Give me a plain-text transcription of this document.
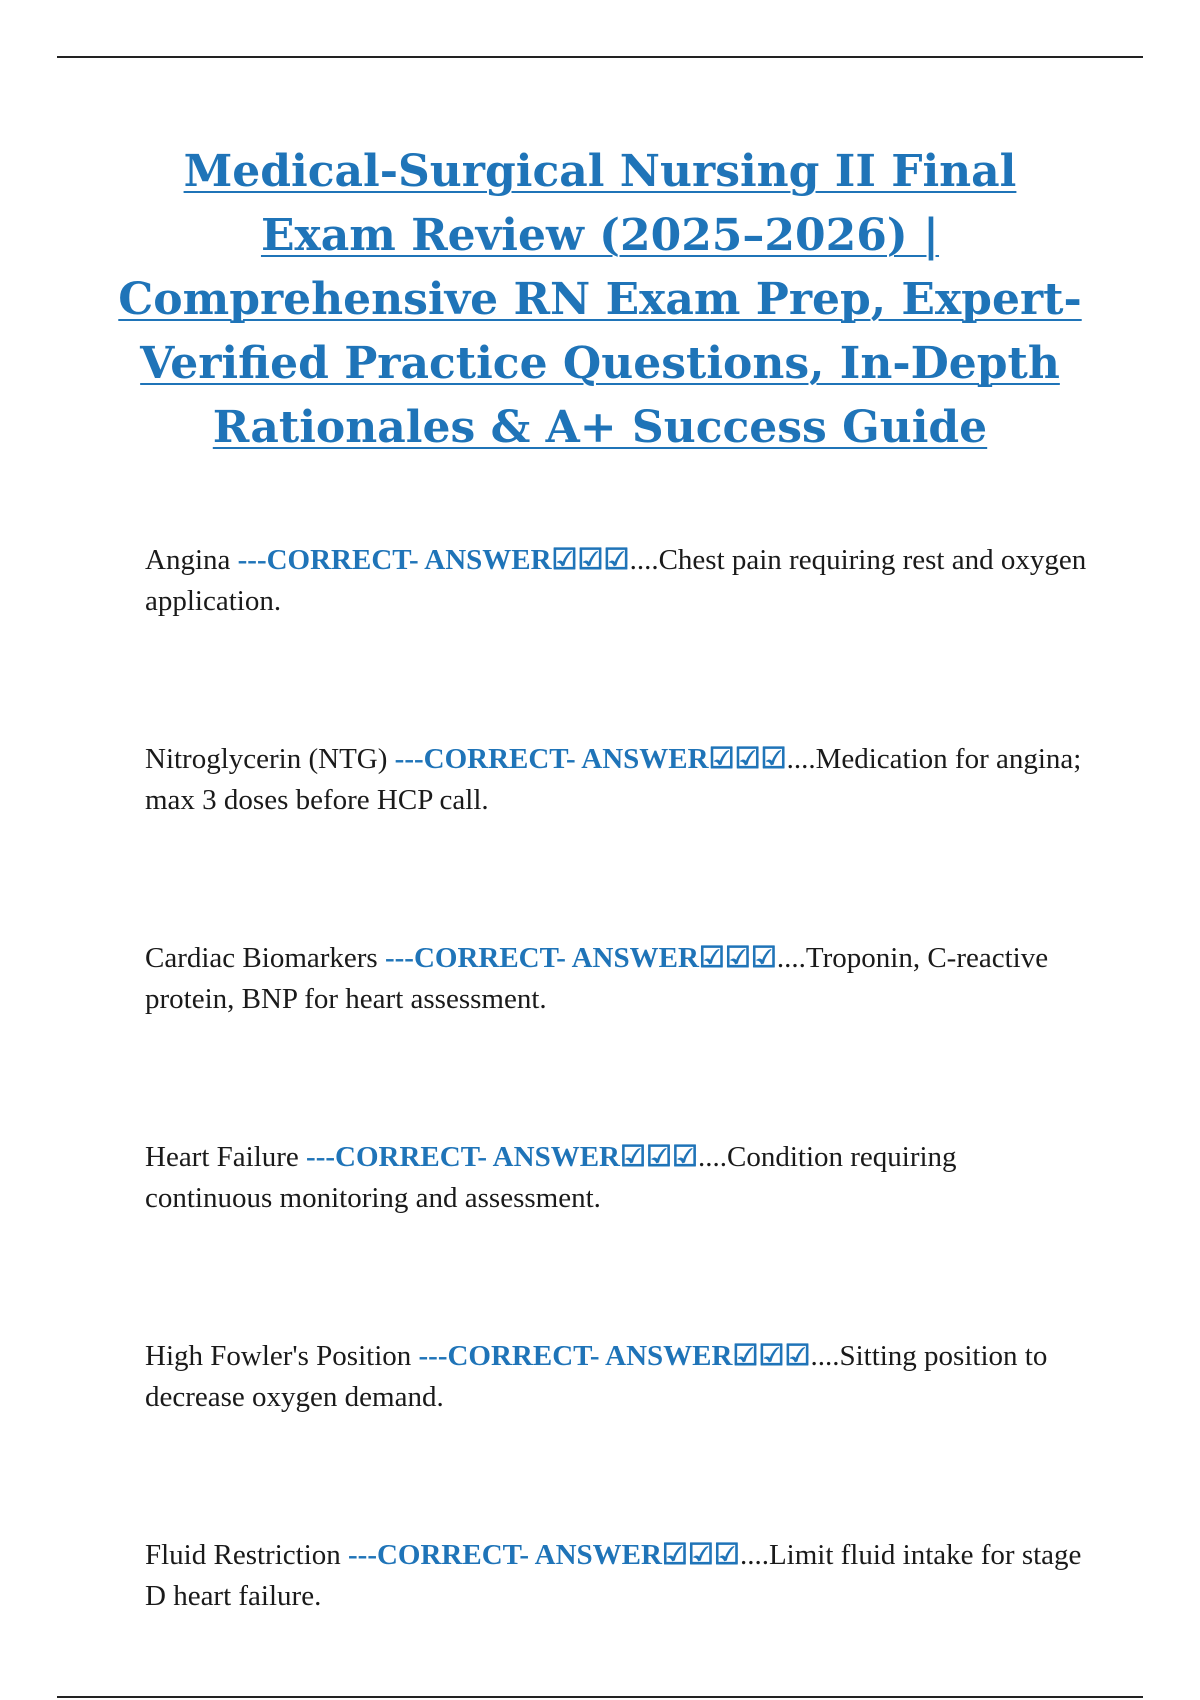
Medical-Surgical Nursing II Final Exam Review (2025–2026) | Comprehensive RN Exam Prep, Expert-Verified Practice Questions, In-Depth Rationales & A+ Success Guide

Angina ---CORRECT- ANSWER☑☑☑....Chest pain requiring rest and oxygen application.

Nitroglycerin (NTG) ---CORRECT- ANSWER☑☑☑....Medication for angina; max 3 doses before HCP call.

Cardiac Biomarkers ---CORRECT- ANSWER☑☑☑....Troponin, C-reactive protein, BNP for heart assessment.

Heart Failure ---CORRECT- ANSWER☑☑☑....Condition requiring continuous monitoring and assessment.

High Fowler's Position ---CORRECT- ANSWER☑☑☑....Sitting position to decrease oxygen demand.

Fluid Restriction ---CORRECT- ANSWER☑☑☑....Limit fluid intake for stage D heart failure.
